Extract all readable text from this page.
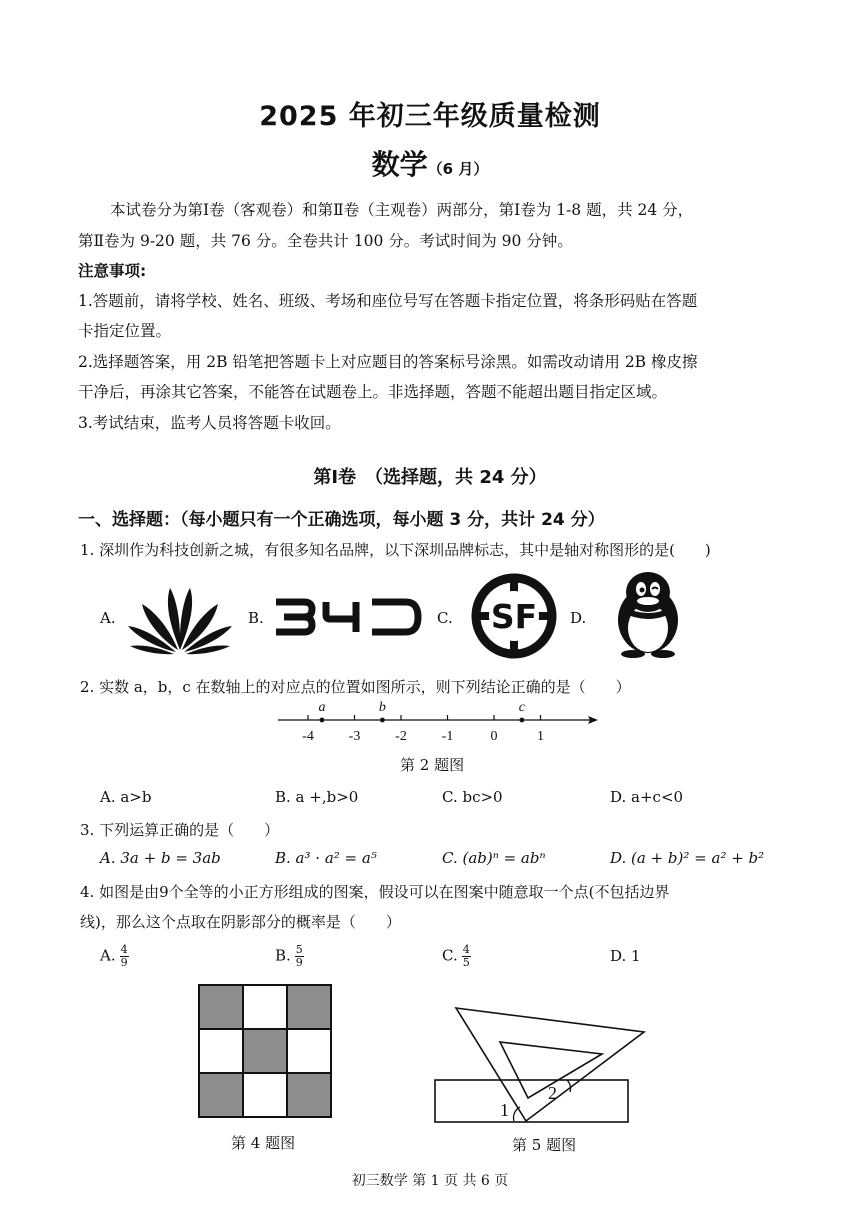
2025 年初三年级质量检测
数学（6 月）
本试卷分为第Ⅰ卷（客观卷）和第Ⅱ卷（主观卷）两部分，第Ⅰ卷为 1-8 题，共 24 分，
第Ⅱ卷为 9-20 题，共 76 分。全卷共计 100 分。考试时间为 90 分钟。
注意事项:
1.答题前，请将学校、姓名、班级、考场和座位号写在答题卡指定位置，将条形码贴在答题
卡指定位置。
2.选择题答案，用 2B 铅笔把答题卡上对应题目的答案标号涂黑。如需改动请用 2B 橡皮擦
干净后，再涂其它答案，不能答在试题卷上。非选择题，答题不能超出题目指定区域。
3.考试结束，监考人员将答题卡收回。
第Ⅰ卷　（选择题，共 24 分）
一、选择题：（每小题只有一个正确选项，每小题 3 分，共计 24 分）
1. 深圳作为科技创新之城，有很多知名品牌，以下深圳品牌标志，其中是轴对称图形的是(　　)
A.	B.	C. SF D.
2. 实数 a，b，c 在数轴上的对应点的位置如图所示，则下列结论正确的是（　　）
-4 -3 -2 -1	0	1
a	b	c
第 2 题图
A. a>b	B. a +,b>0	C. bc>0	D. a+c<0
3. 下列运算正确的是（　　）
A. 3a + b = 3ab	B. a³ · a² = a⁵	C. (ab)ⁿ = abⁿ	D. (a + b)² = a² + b²
4. 如图是由9个全等的小正方形组成的图案，假设可以在图案中随意取一个点(不包括边界
线)，那么这个点取在阴影部分的概率是（　　）
A. $\frac{4}{9}$	B. $\frac{5}{9}$	C. $\frac{4}{5}$	D. 1
第 4 题图
1
2
第 5 题图
初三数学 第 1 页 共 6 页
